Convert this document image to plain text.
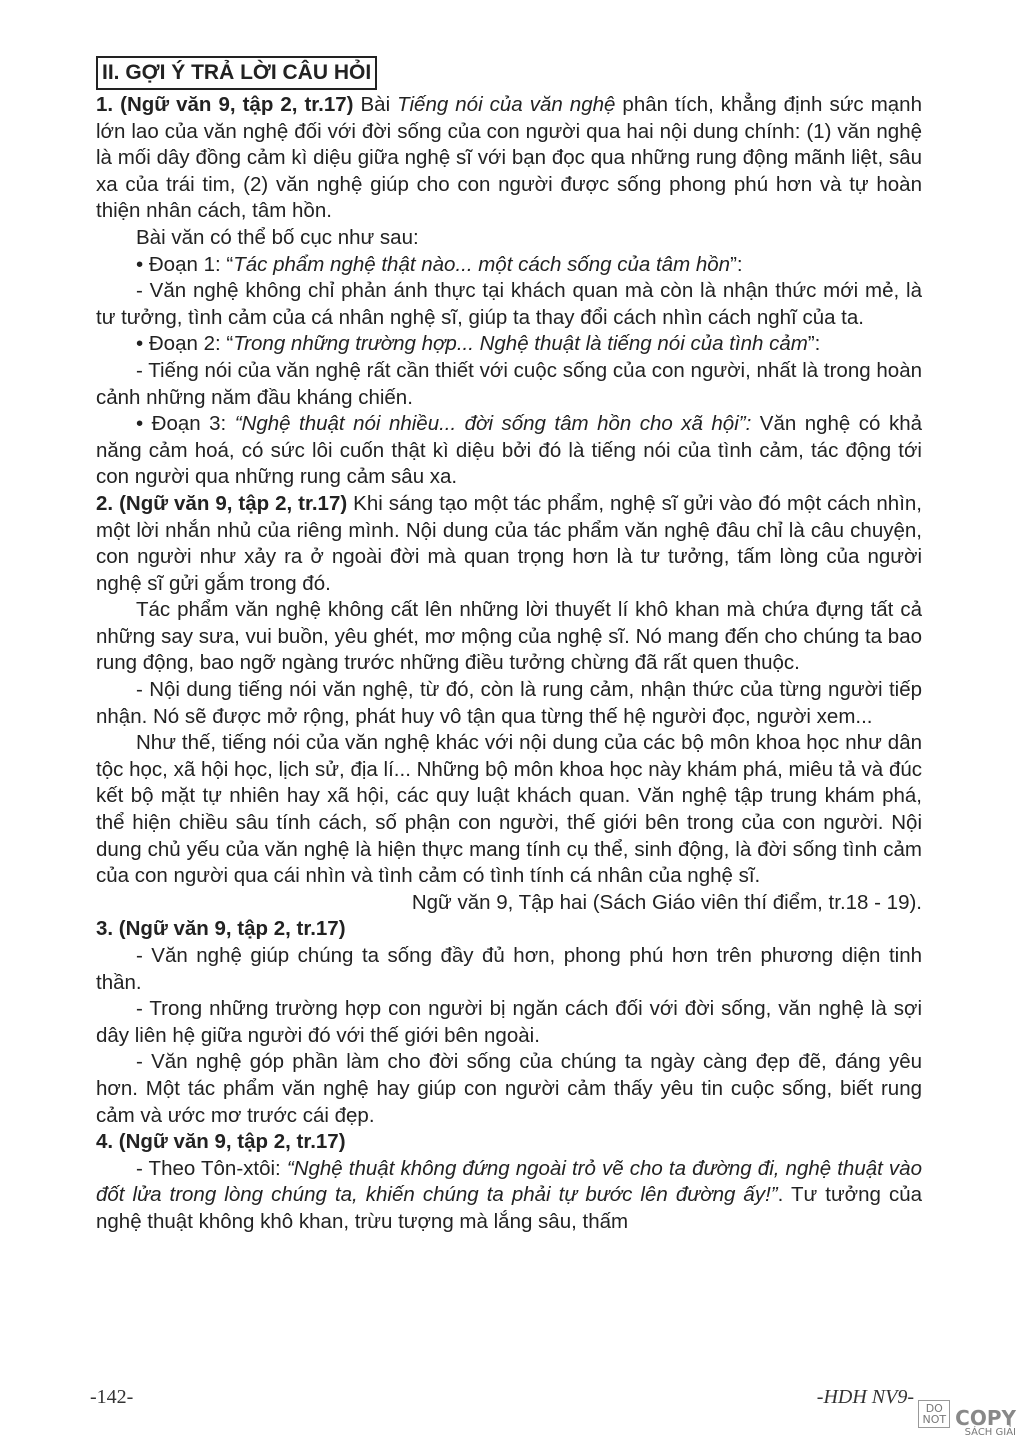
II. GỢI Ý TRẢ LỜI CÂU HỎI

1. (Ngữ văn 9, tập 2, tr.17) Bài Tiếng nói của văn nghệ phân tích, khẳng định sức mạnh lớn lao của văn nghệ đối với đời sống của con người qua hai nội dung chính: (1) văn nghệ là mối dây đồng cảm kì diệu giữa nghệ sĩ với bạn đọc qua những rung động mãnh liệt, sâu xa của trái tim, (2) văn nghệ giúp cho con người được sống phong phú hơn và tự hoàn thiện nhân cách, tâm hồn.

Bài văn có thể bố cục như sau:

• Đoạn 1: “Tác phẩm nghệ thật nào... một cách sống của tâm hồn”:

- Văn nghệ không chỉ phản ánh thực tại khách quan mà còn là nhận thức mới mẻ, là tư tưởng, tình cảm của cá nhân nghệ sĩ, giúp ta thay đổi cách nhìn cách nghĩ của ta.

• Đoạn 2: “Trong những trường hợp... Nghệ thuật là tiếng nói của tình cảm”:

- Tiếng nói của văn nghệ rất cần thiết với cuộc sống của con người, nhất là trong hoàn cảnh những năm đầu kháng chiến.

• Đoạn 3: “Nghệ thuật nói nhiều... đời sống tâm hồn cho xã hội”: Văn nghệ có khả năng cảm hoá, có sức lôi cuốn thật kì diệu bởi đó là tiếng nói của tình cảm, tác động tới con người qua những rung cảm sâu xa.

2. (Ngữ văn 9, tập 2, tr.17) Khi sáng tạo một tác phẩm, nghệ sĩ gửi vào đó một cách nhìn, một lời nhắn nhủ của riêng mình. Nội dung của tác phẩm văn nghệ đâu chỉ là câu chuyện, con người như xảy ra ở ngoài đời mà quan trọng hơn là tư tưởng, tấm lòng của người nghệ sĩ gửi gắm trong đó.

Tác phẩm văn nghệ không cất lên những lời thuyết lí khô khan mà chứa đựng tất cả những say sưa, vui buồn, yêu ghét, mơ mộng của nghệ sĩ. Nó mang đến cho chúng ta bao rung động, bao ngỡ ngàng trước những điều tưởng chừng đã rất quen thuộc.

- Nội dung tiếng nói văn nghệ, từ đó, còn là rung cảm, nhận thức của từng người tiếp nhận. Nó sẽ được mở rộng, phát huy vô tận qua từng thế hệ người đọc, người xem...

Như thế, tiếng nói của văn nghệ khác với nội dung của các bộ môn khoa học như dân tộc học, xã hội học, lịch sử, địa lí... Những bộ môn khoa học này khám phá, miêu tả và đúc kết bộ mặt tự nhiên hay xã hội, các quy luật khách quan. Văn nghệ tập trung khám phá, thể hiện chiều sâu tính cách, số phận con người, thế giới bên trong của con người. Nội dung chủ yếu của văn nghệ là hiện thực mang tính cụ thể, sinh động, là đời sống tình cảm của con người qua cái nhìn và tình cảm có tình tính cá nhân của nghệ sĩ.

Ngữ văn 9, Tập hai (Sách Giáo viên thí điểm, tr.18 - 19).

3. (Ngữ văn 9, tập 2, tr.17)

- Văn nghệ giúp chúng ta sống đầy đủ hơn, phong phú hơn trên phương diện tinh thần.

- Trong những trường hợp con người bị ngăn cách đối với đời sống, văn nghệ là sợi dây liên hệ giữa người đó với thế giới bên ngoài.

- Văn nghệ góp phần làm cho đời sống của chúng ta ngày càng đẹp đẽ, đáng yêu hơn. Một tác phẩm văn nghệ hay giúp con người cảm thấy yêu tin cuộc sống, biết rung cảm và ước mơ trước cái đẹp.

4. (Ngữ văn 9, tập 2, tr.17)

- Theo Tôn-xtôi: “Nghệ thuật không đứng ngoài trỏ vẽ cho ta đường đi, nghệ thuật vào đốt lửa trong lòng chúng ta, khiến chúng ta phải tự bước lên đường ấy!”. Tư tưởng của nghệ thuật không khô khan, trừu tượng mà lắng sâu, thấm

-142-	-HDH NV9-
DO
NOT COPY
SÁCH GIẢI
